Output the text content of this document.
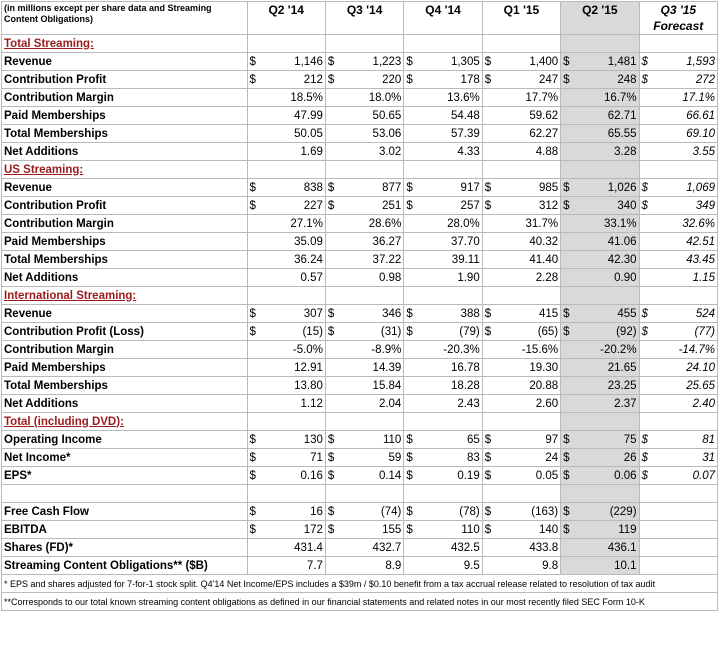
(in millions except per share data and Streaming Content Obligations)	Q2 '14		Q3 '14		Q4 '14		Q1 '15		Q2 '15		Q3 '15
Forecast	

Total Streaming:												
Revenue	$	1,146	$	1,223	$	1,305	$	1,400	$	1,481	$	1,593
Contribution Profit	$	212	$	220	$	178	$	247	$	248	$	272
Contribution Margin		18.5%		18.0%		13.6%		17.7%		16.7%		17.1%
Paid Memberships		47.99		50.65		54.48		59.62		62.71		66.61
Total Memberships		50.05		53.06		57.39		62.27		65.55		69.10
Net Additions		1.69		3.02		4.33		4.88		3.28		3.55
US Streaming:												
Revenue	$	838	$	877	$	917	$	985	$	1,026	$	1,069
Contribution Profit	$	227	$	251	$	257	$	312	$	340	$	349
Contribution Margin		27.1%		28.6%		28.0%		31.7%		33.1%		32.6%
Paid Memberships		35.09		36.27		37.70		40.32		41.06		42.51
Total Memberships		36.24		37.22		39.11		41.40		42.30		43.45
Net Additions		0.57		0.98		1.90		2.28		0.90		1.15
International Streaming:												
Revenue	$	307	$	346	$	388	$	415	$	455	$	524
Contribution Profit (Loss)	$	(15)	$	(31)	$	(79)	$	(65)	$	(92)	$	(77)
Contribution Margin		-5.0%		-8.9%		-20.3%		-15.6%		-20.2%		-14.7%
Paid Memberships		12.91		14.39		16.78		19.30		21.65		24.10
Total Memberships		13.80		15.84		18.28		20.88		23.25		25.65
Net Additions		1.12		2.04		2.43		2.60		2.37		2.40
Total (including DVD):												
Operating Income	$	130	$	110	$	65	$	97	$	75	$	81
Net Income*	$	71	$	59	$	83	$	24	$	26	$	31
EPS*	$	0.16	$	0.14	$	0.19	$	0.05	$	0.06	$	0.07

Free Cash Flow	$	16	$	(74)	$	(78)	$	(163)	$	(229)		
EBITDA	$	172	$	155	$	110	$	140	$	119		
Shares (FD)*		431.4		432.7		432.5		433.8		436.1		
Streaming Content Obligations** ($B)		7.7		8.9		9.5		9.8		10.1		
* EPS and shares adjusted for 7-for-1 stock split. Q4'14 Net Income/EPS includes a $39m / $0.10 benefit from a tax accrual release related to resolution of tax audit												
**Corresponds to our total known streaming content obligations as defined in our financial statements and related notes in our most recently filed SEC Form 10-K												
